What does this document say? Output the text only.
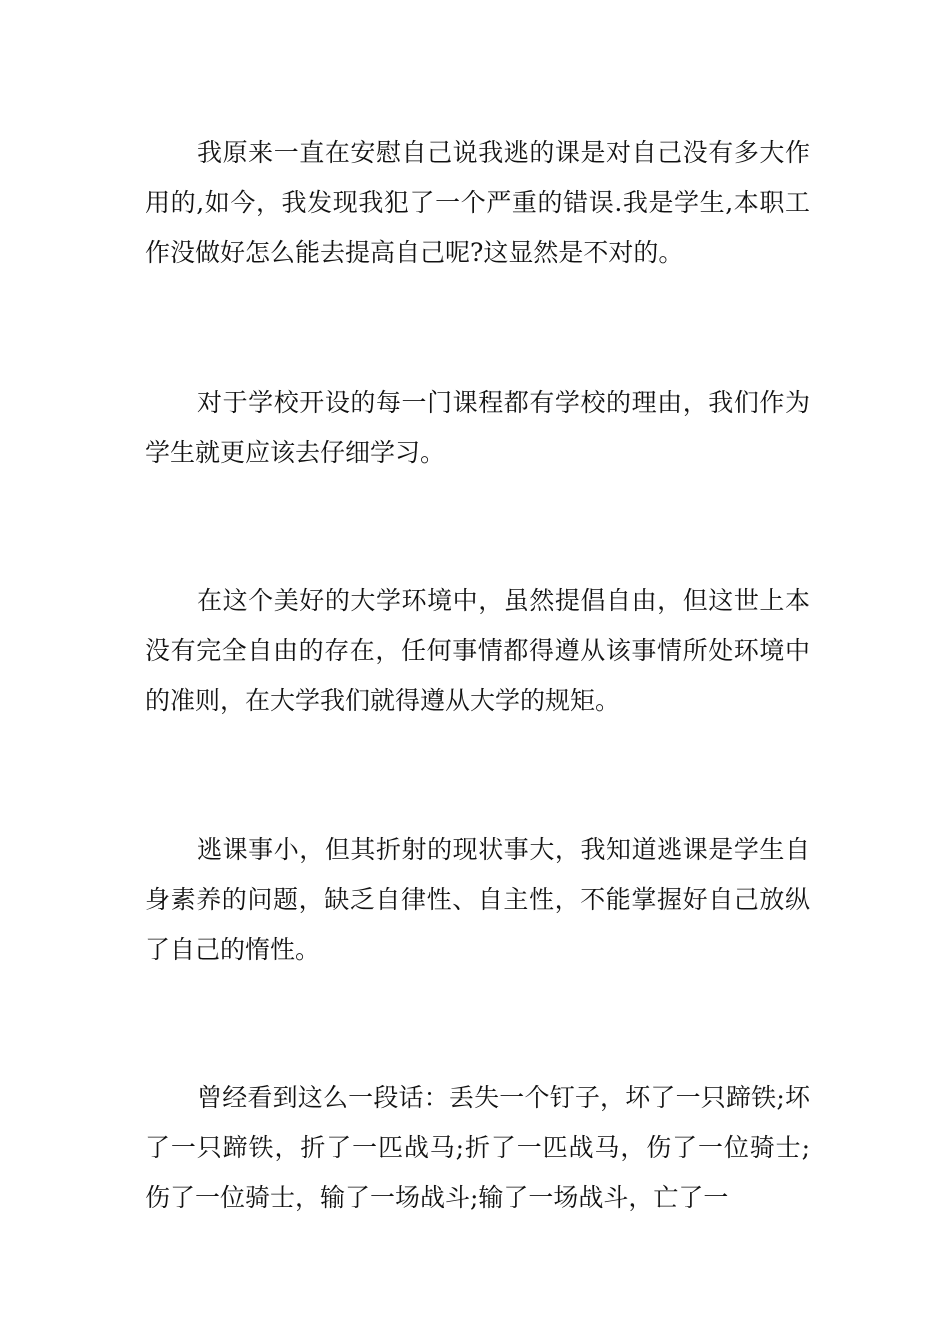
我原来一直在安慰自己说我逃的课是对自己没有多大作用的,如今，我发现我犯了一个严重的错误.我是学生,本职工作没做好怎么能去提高自己呢?这显然是不对的。

对于学校开设的每一门课程都有学校的理由，我们作为学生就更应该去仔细学习。

在这个美好的大学环境中，虽然提倡自由，但这世上本没有完全自由的存在，任何事情都得遵从该事情所处环境中的准则，在大学我们就得遵从大学的规矩。

逃课事小，但其折射的现状事大，我知道逃课是学生自身素养的问题，缺乏自律性、自主性，不能掌握好自己放纵了自己的惰性。

曾经看到这么一段话：丢失一个钉子，坏了一只蹄铁;坏了一只蹄铁，折了一匹战马;折了一匹战马，伤了一位骑士;伤了一位骑士，输了一场战斗;输了一场战斗，亡了一
